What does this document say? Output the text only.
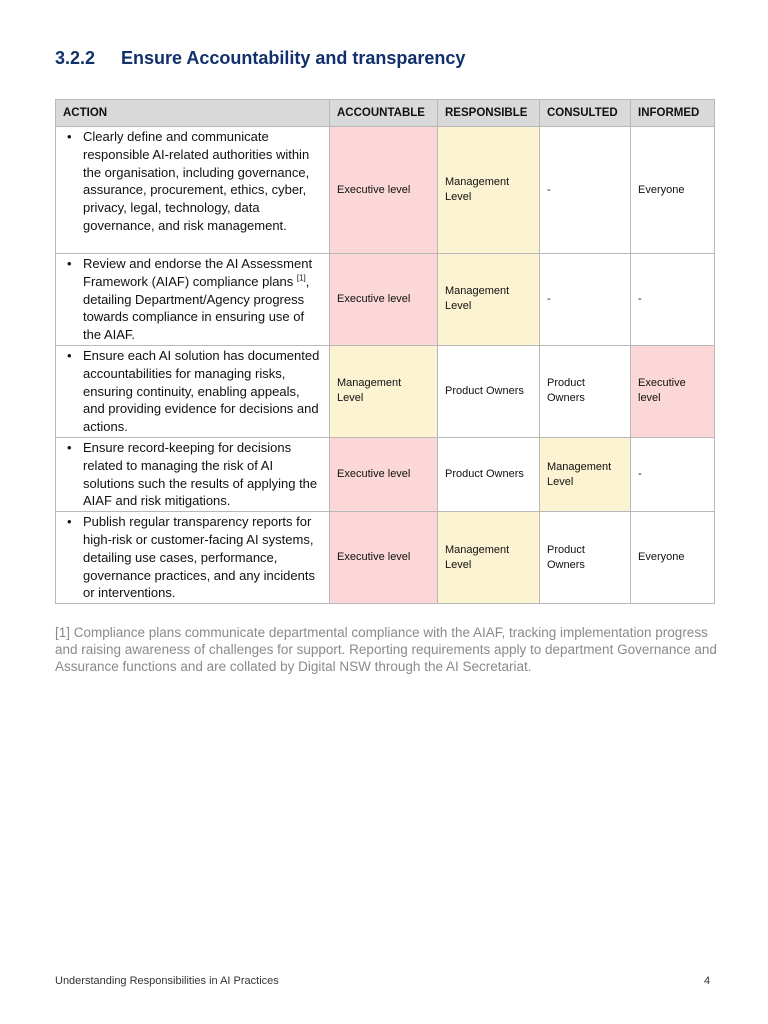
3.2.2 Ensure Accountability and transparency
ACTION	ACCOUNTABLE	RESPONSIBLE	CONSULTED	INFORMED

• Clearly define and communicate responsible AI-related authorities within the organisation, including governance, assurance, procurement, ethics, cyber, privacy, legal, technology, data governance, and risk management.	Executive level	Management Level	-	Everyone

• Review and endorse the AI Assessment Framework (AIAF) compliance plans [1], detailing Department/Agency progress towards compliance in ensuring use of the AIAF.	Executive level	Management Level	-	-

• Ensure each AI solution has documented accountabilities for managing risks, ensuring continuity, enabling appeals, and providing evidence for decisions and actions.	Management Level	Product Owners	Product Owners	Executive level

• Ensure record-keeping for decisions related to managing the risk of AI solutions such the results of applying the AIAF and risk mitigations.	Executive level	Product Owners	Management Level	-

• Publish regular transparency reports for high-risk or customer-facing AI systems, detailing use cases, performance, governance practices, and any incidents or interventions.	Executive level	Management Level	Product Owners	Everyone
[1] Compliance plans communicate departmental compliance with the AIAF, tracking implementation progress and raising awareness of challenges for support. Reporting requirements apply to department Governance and Assurance functions and are collated by Digital NSW through the AI Secretariat.
Understanding Responsibilities in AI Practices	4
